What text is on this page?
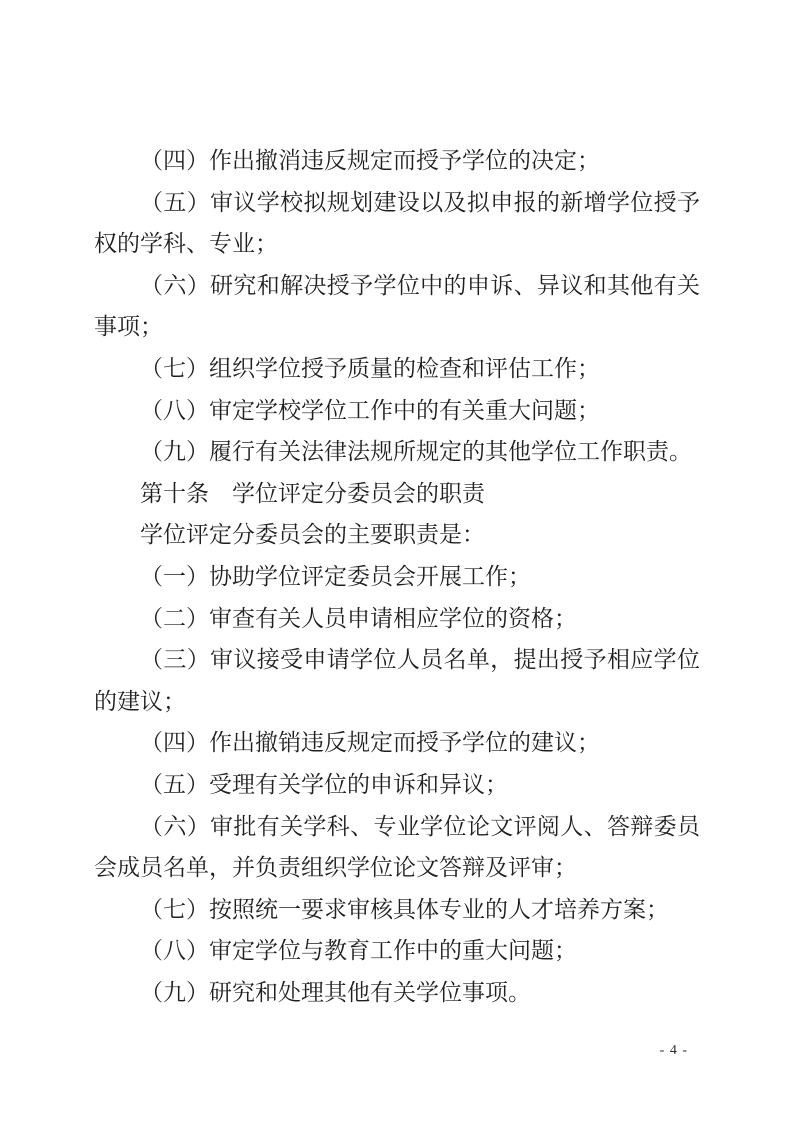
（四）作出撤消违反规定而授予学位的决定；

（五）审议学校拟规划建设以及拟申报的新增学位授予权的学科、专业；

（六）研究和解决授予学位中的申诉、异议和其他有关事项；

（七）组织学位授予质量的检查和评估工作；

（八）审定学校学位工作中的有关重大问题；

（九）履行有关法律法规所规定的其他学位工作职责。

第十条　学位评定分委员会的职责

学位评定分委员会的主要职责是：

（一）协助学位评定委员会开展工作；

（二）审查有关人员申请相应学位的资格；

（三）审议接受申请学位人员名单，提出授予相应学位的建议；

（四）作出撤销违反规定而授予学位的建议；

（五）受理有关学位的申诉和异议；

（六）审批有关学科、专业学位论文评阅人、答辩委员会成员名单，并负责组织学位论文答辩及评审；

（七）按照统一要求审核具体专业的人才培养方案；

（八）审定学位与教育工作中的重大问题；

（九）研究和处理其他有关学位事项。

- 4 -
